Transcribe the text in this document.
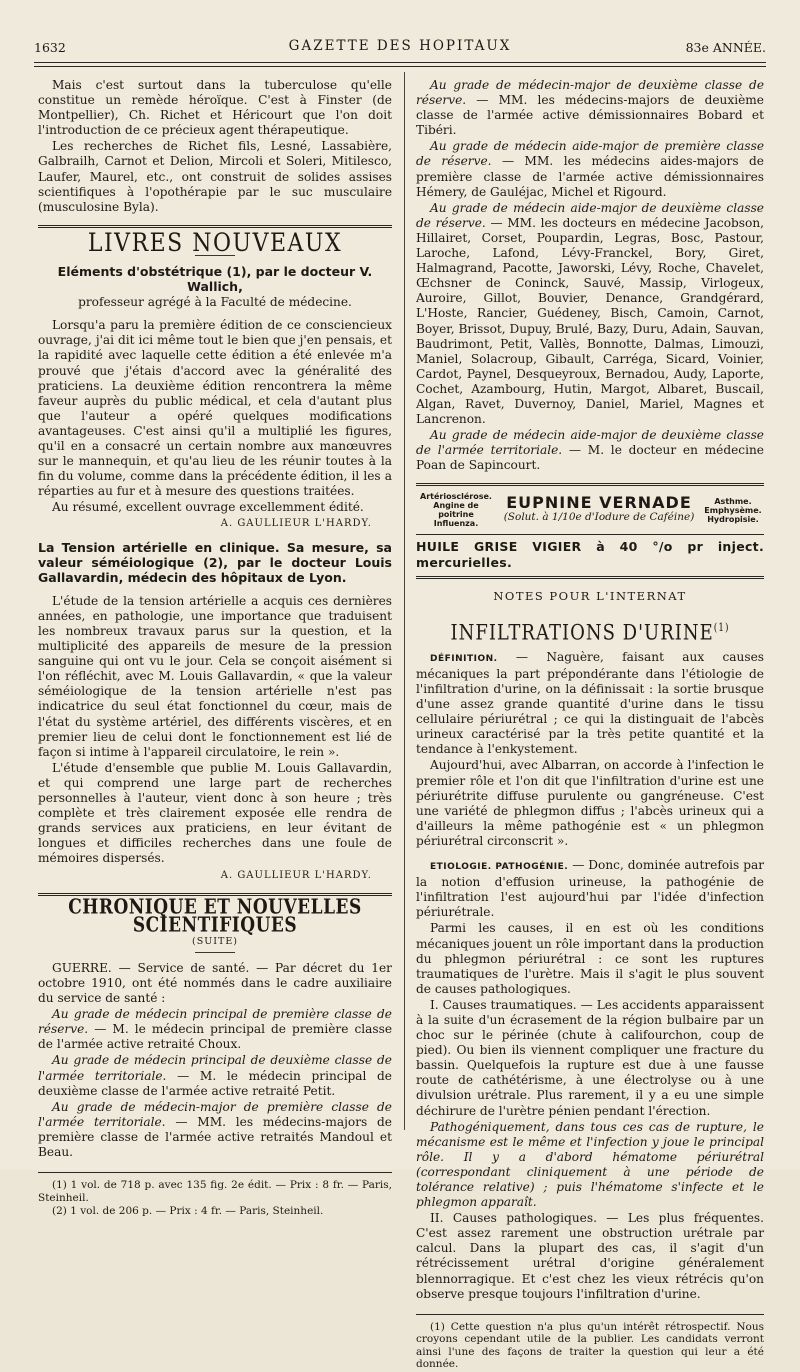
1632	GAZETTE DES HOPITAUX	83e ANNÉE.

Mais c'est surtout dans la tuberculose qu'elle constitue un remède héroïque. C'est à Finster (de Montpellier), Ch. Richet et Héricourt que l'on doit l'introduction de ce précieux agent thérapeutique.

Les recherches de Richet fils, Lesné, Lassabière, Galbrailh, Carnot et Delion, Mircoli et Soleri, Mitilesco, Laufer, Maurel, etc., ont construit de solides assises scientifiques à l'opothérapie par le suc musculaire (musculosine Byla).

LIVRES NOUVEAUX

Eléments d'obstétrique (1), par le docteur V. Wallich,

professeur agrégé à la Faculté de médecine.

Lorsqu'a paru la première édition de ce consciencieux ouvrage, j'ai dit ici même tout le bien que j'en pensais, et la rapidité avec laquelle cette édition a été enlevée m'a prouvé que j'étais d'accord avec la généralité des praticiens. La deuxième édition rencontrera la même faveur auprès du public médical, et cela d'autant plus que l'auteur a opéré quelques modifications avantageuses. C'est ainsi qu'il a multiplié les figures, qu'il en a consacré un certain nombre aux manœuvres sur le mannequin, et qu'au lieu de les réunir toutes à la fin du volume, comme dans la précédente édition, il les a réparties au fur et à mesure des questions traitées.

Au résumé, excellent ouvrage excellemment édité.

A. GAULLIEUR L'HARDY.

La Tension artérielle en clinique. Sa mesure, sa valeur séméiologique (2), par le docteur Louis Gallavardin, médecin des hôpitaux de Lyon.

L'étude de la tension artérielle a acquis ces dernières années, en pathologie, une importance que traduisent les nombreux travaux parus sur la question, et la multiplicité des appareils de mesure de la pression sanguine qui ont vu le jour. Cela se conçoit aisément si l'on réfléchit, avec M. Louis Gallavardin, « que la valeur séméiologique de la tension artérielle n'est pas indicatrice du seul état fonctionnel du cœur, mais de l'état du système artériel, des différents viscères, et en premier lieu de celui dont le fonctionnement est lié de façon si intime à l'appareil circulatoire, le rein ».

L'étude d'ensemble que publie M. Louis Gallavardin, et qui comprend une large part de recherches personnelles à l'auteur, vient donc à son heure ; très complète et très clairement exposée elle rendra de grands services aux praticiens, en leur évitant de longues et difficiles recherches dans une foule de mémoires dispersés.

A. GAULLIEUR L'HARDY.
CHRONIQUE ET NOUVELLES SCIENTIFIQUES
(SUITE)

GUERRE. — Service de santé. — Par décret du 1er octobre 1910, ont été nommés dans le cadre auxiliaire du service de santé :

Au grade de médecin principal de première classe de réserve. — M. le médecin principal de première classe de l'armée active retraité Choux.

Au grade de médecin principal de deuxième classe de l'armée territoriale. — M. le médecin principal de deuxième classe de l'armée active retraité Petit.

Au grade de médecin-major de première classe de l'armée territoriale. — MM. les médecins-majors de première classe de l'armée active retraités Mandoul et Beau.

(1) 1 vol. de 718 p. avec 135 fig. 2e édit. — Prix : 8 fr. — Paris, Steinheil.

(2) 1 vol. de 206 p. — Prix : 4 fr. — Paris, Steinheil.

Au grade de médecin-major de deuxième classe de réserve. — MM. les médecins-majors de deuxième classe de l'armée active démissionnaires Bobard et Tibéri.

Au grade de médecin aide-major de première classe de réserve. — MM. les médecins aides-majors de première classe de l'armée active démissionnaires Hémery, de Gauléjac, Michel et Rigourd.

Au grade de médecin aide-major de deuxième classe de réserve. — MM. les docteurs en médecine Jacobson, Hillairet, Corset, Poupardin, Legras, Bosc, Pastour, Laroche, Lafond, Lévy-Franckel, Bory, Giret, Halmagrand, Pacotte, Jaworski, Lévy, Roche, Chavelet, Œchsner de Coninck, Sauvé, Massip, Virlogeux, Auroire, Gillot, Bouvier, Denance, Grandgérard, L'Hoste, Rancier, Guédeney, Bisch, Camoin, Carnot, Boyer, Brissot, Dupuy, Brulé, Bazy, Duru, Adain, Sauvan, Baudrimont, Petit, Vallès, Bonnotte, Dalmas, Limouzi, Maniel, Solacroup, Gibault, Carréga, Sicard, Voinier, Cardot, Paynel, Desqueyroux, Bernadou, Audy, Laporte, Cochet, Azambourg, Hutin, Margot, Albaret, Buscail, Algan, Ravet, Duvernoy, Daniel, Mariel, Magnes et Lancrenon.

Au grade de médecin aide-major de deuxième classe de l'armée territoriale. — M. le docteur en médecine Poan de Sapincourt.

Artériosclérose. Angine de poitrine Influenza.
EUPNINE VERNADE
(Solut. à 1/10e d'Iodure de Caféine)
Asthme. Emphysème. Hydropisie.
HUILE GRISE VIGIER à 40 °/o pr inject. mercurielles.
NOTES POUR L'INTERNAT
INFILTRATIONS D'URINE$^{(1)}$

DÉFINITION. — Naguère, faisant aux causes mécaniques la part prépondérante dans l'étiologie de l'infiltration d'urine, on la définissait : la sortie brusque d'une assez grande quantité d'urine dans le tissu cellulaire périurétral ; ce qui la distinguait de l'abcès urineux caractérisé par la très petite quantité et la tendance à l'enkystement.

Aujourd'hui, avec Albarran, on accorde à l'infection le premier rôle et l'on dit que l'infiltration d'urine est une périurétrite diffuse purulente ou gangréneuse. C'est une variété de phlegmon diffus ; l'abcès urineux qui a d'ailleurs la même pathogénie est « un phlegmon périurétral circonscrit ».

ETIOLOGIE. PATHOGÉNIE. — Donc, dominée autrefois par la notion d'effusion urineuse, la pathogénie de l'infiltration l'est aujourd'hui par l'idée d'infection périurétrale.

Parmi les causes, il en est où les conditions mécaniques jouent un rôle important dans la production du phlegmon périurétral : ce sont les ruptures traumatiques de l'urètre. Mais il s'agit le plus souvent de causes pathologiques.

I. Causes traumatiques. — Les accidents apparaissent à la suite d'un écrasement de la région bulbaire par un choc sur le périnée (chute à califourchon, coup de pied). Ou bien ils viennent compliquer une fracture du bassin. Quelquefois la rupture est due à une fausse route de cathétérisme, à une électrolyse ou à une divulsion urétrale. Plus rarement, il y a eu une simple déchirure de l'urètre pénien pendant l'érection.

Pathogéniquement, dans tous ces cas de rupture, le mécanisme est le même et l'infection y joue le principal rôle. Il y a d'abord hématome périurétral (correspondant cliniquement à une période de tolérance relative) ; puis l'hématome s'infecte et le phlegmon apparaît.

II. Causes pathologiques. — Les plus fréquentes. C'est assez rarement une obstruction urétrale par calcul. Dans la plupart des cas, il s'agit d'un rétrécissement urétral d'origine généralement blennorragique. Et c'est chez les vieux rétrécis qu'on observe presque toujours l'infiltration d'urine.

(1) Cette question n'a plus qu'un intérêt rétrospectif. Nous croyons cependant utile de la publier. Les candidats verront ainsi l'une des façons de traiter la question qui leur a été donnée.
